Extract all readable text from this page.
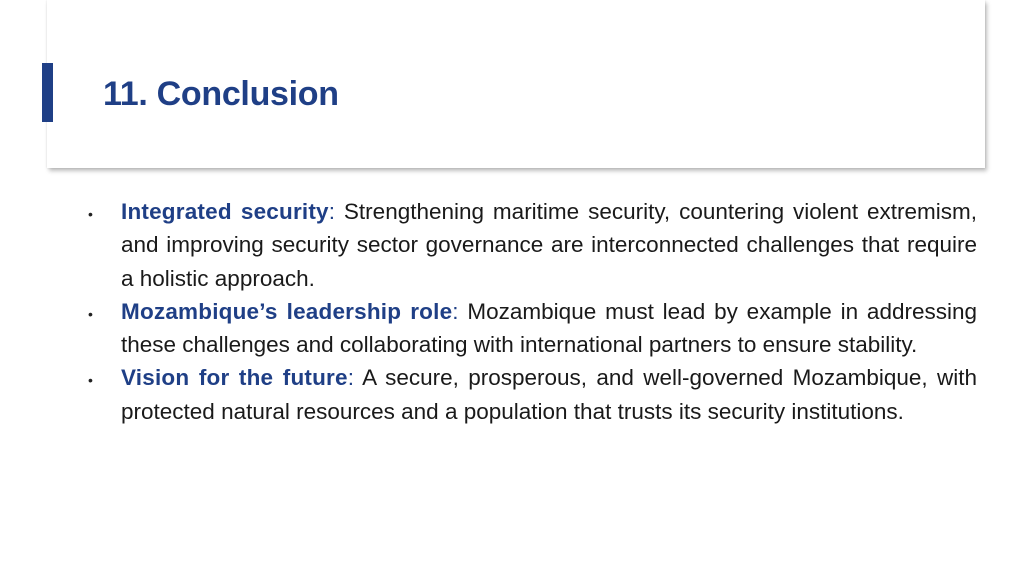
11. Conclusion
• Integrated security: Strengthening maritime security, countering violent extremism, and improving security sector governance are interconnected challenges that require a holistic approach.
• Mozambique’s leadership role: Mozambique must lead by example in addressing these challenges and collaborating with international partners to ensure stability.
• Vision for the future: A secure, prosperous, and well-governed Mozambique, with protected natural resources and a population that trusts its security institutions.
